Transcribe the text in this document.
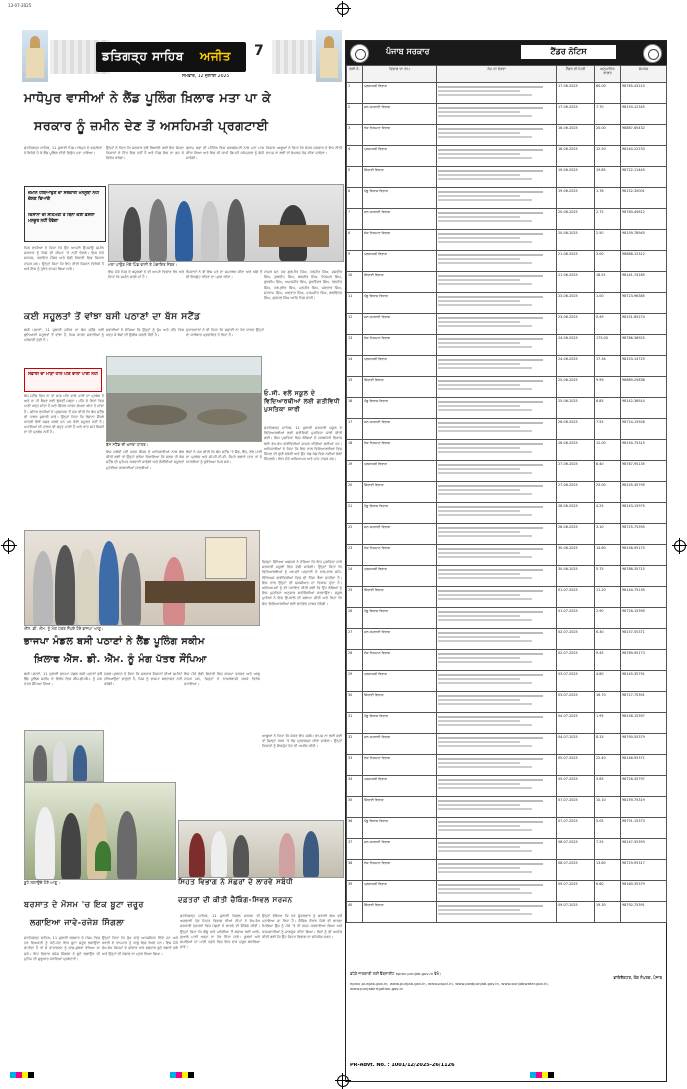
13-07-2025
ਡਤਿਗੜ੍ਹ ਸਾਹਿਬ ਅਜੀਤ 7
ਸੋਮਵਾਰ, 12 ਜੁਲਾਈ 2025
ਮਾਧੋਪੁਰ ਵਾਸੀਆਂ ਨੇ ਲੈਂਡ ਪੂਲਿੰਗ ਖ਼ਿਲਾਫ ਮਤਾ ਪਾ ਕੇ
ਸਰਕਾਰ ਨੂੰ ਜ਼ਮੀਨ ਦੇਣ ਤੋਂ ਅਸਹਿਮਤੀ ਪ੍ਰਗਟਾਈ
ਫ਼ਤਹਿਗੜ੍ਹ ਸਾਹਿਬ, 11 ਜੁਲਾਈ ਪਿੰਡ ਮਾਧੋਪੁਰ ਦੇ ਵਸਨੀਕਾਂ ਨੇ ਇਕੱਠੇ ਹੋ ਕੇ ਲੈਂਡ ਪੂਲਿੰਗ ਨੀਤੀ ਵਿਰੁੱਧ ਮਤਾ ਪਾਇਆ।
ਜ਼ਮੀਨ ਹਥਿਆਉਣ ਦਾ ਸਰਕਾਰੀ ਮਨਸੂਬਾ ਨਹੀਂ ਚੱਲਣ ਦਿਆਂਗੇ
ਕਿਸਾਨਾਂ ਦੀ ਸਹਿਮਤੀ ਤੋਂ ਬਿਨਾਂ ਕੋਈ ਫ਼ੈਸਲਾ ਮਨਜ਼ੂਰ ਨਹੀਂ ਹੋਵੇਗਾ
ਪਿੰਡ ਵਾਸੀਆਂ ਨੇ ਕਿਹਾ ਕਿ ਉਹ ਆਪਣੀ ਉਪਜਾਊ ਜ਼ਮੀਨ ਸਰਕਾਰ ਨੂੰ ਕਿਸੇ ਵੀ ਕੀਮਤ 'ਤੇ ਨਹੀਂ ਦੇਣਗੇ। ਇਸ ਮੌਕੇ ਸਰਪੰਚ, ਪੰਚਾਇਤ ਮੈਂਬਰ ਅਤੇ ਵੱਡੀ ਗਿਣਤੀ ਵਿਚ ਕਿਸਾਨ ਹਾਜ਼ਰ ਸਨ। ਉਨ੍ਹਾਂ ਕਿਹਾ ਕਿ ਇਹ ਨੀਤੀ ਕਿਸਾਨ ਵਿਰੋਧੀ ਹੈ ਅਤੇ ਇਸ ਨੂੰ ਤੁਰੰਤ ਵਾਪਸ ਲਿਆ ਜਾਵੇ।
ਉਨ੍ਹਾਂ ਨੇ ਕਿਹਾ ਕਿ ਸਰਕਾਰ ਵਲੋਂ ਲਿਆਂਦੀ ਗਈ ਇਹ ਯੋਜਨਾ ਕਿਸਾਨਾਂ ਦੇ ਹਿੱਤ ਵਿਚ ਨਹੀਂ ਹੈ ਅਤੇ ਪਿੰਡ ਇਸ ਦਾ ਡਟ ਕੇ ਵਿਰੋਧ ਕਰੇਗਾ।
ਗ੍ਰਾਮ ਸਭਾ ਦੀ ਮੀਟਿੰਗ ਵਿਚ ਸਰਬਸੰਮਤੀ ਨਾਲ ਮਤਾ ਪਾਸ ਕੀਤਾ ਗਿਆ ਅਤੇ ਇਸ ਦੀ ਕਾਪੀ ਡਿਪਟੀ ਕਮਿਸ਼ਨਰ ਨੂੰ ਭੇਜੀ ਜਾਵੇਗੀ।
ਕਿਸਾਨ ਆਗੂਆਂ ਨੇ ਕਿਹਾ ਕਿ ਜੇਕਰ ਸਰਕਾਰ ਨੇ ਇਹ ਨੀਤੀ ਵਾਪਸ ਨਾ ਲਈ ਤਾਂ ਸੰਘਰਸ਼ ਤੇਜ਼ ਕੀਤਾ ਜਾਵੇਗਾ।
ਮਤਾ ਪਾਉਣ ਮੌਕੇ ਪਿੰਡ ਵਾਸੀ ਤੇ ਪੰਚਾਇਤ ਮੈਂਬਰ।
ਇਸ ਮੌਕੇ ਪਿੰਡ ਦੇ ਬਜ਼ੁਰਗਾਂ ਨੇ ਵੀ ਆਪਣੇ ਵਿਚਾਰ ਰੱਖੇ ਅਤੇ ਕਿਹਾ ਕਿ ਜ਼ਮੀਨ ਸਾਡੀ ਮਾਂ ਹੈ।
ਨੌਜਵਾਨਾਂ ਨੇ ਵੀ ਇਸ ਮਤੇ ਦਾ ਸਮਰਥਨ ਕੀਤਾ ਅਤੇ ਅੱਗੇ ਤੋਂ ਵੀ ਇਕਜੁੱਟ ਰਹਿਣ ਦਾ ਪ੍ਰਣ ਕੀਤਾ।
ਹਾਜ਼ਰ ਸਨ ਪੰਚ ਗੁਰਮੀਤ ਸਿੰਘ, ਹਰਜੀਤ ਸਿੰਘ, ਜਸਵੀਰ ਸਿੰਘ, ਕੁਲਦੀਪ ਸਿੰਘ, ਬਲਜੀਤ ਸਿੰਘ, ਨਿਰਮਲ ਸਿੰਘ, ਗੁਰਦੀਪ ਸਿੰਘ, ਅਮਰਜੀਤ ਸਿੰਘ, ਸੁਖਵਿੰਦਰ ਸਿੰਘ, ਰਣਜੀਤ ਸਿੰਘ, ਹਰਪ੍ਰੀਤ ਸਿੰਘ, ਮਨਜੀਤ ਸਿੰਘ, ਜਗਤਾਰ ਸਿੰਘ, ਸਤਨਾਮ ਸਿੰਘ, ਅਵਤਾਰ ਸਿੰਘ, ਪਰਮਜੀਤ ਸਿੰਘ, ਬਲਵਿੰਦਰ ਸਿੰਘ, ਗੁਰਮੇਲ ਸਿੰਘ ਆਦਿ ਪਿੰਡ ਵਾਸੀ।
ਕਈ ਸਹੂਲਤਾਂ ਤੋਂ ਵਾਂਝਾ ਬਸੀ ਪਠਾਣਾਂ ਦਾ ਬੱਸ ਸਟੈਂਡ
ਬਸੀ ਪਠਾਣਾਂ, 11 ਜੁਲਾਈ ਸ਼ਹਿਰ ਦਾ ਬੱਸ ਸਟੈਂਡ ਕਈ ਬੁਨਿਆਦੀ ਸਹੂਲਤਾਂ ਤੋਂ ਵਾਂਝਾ ਹੈ, ਜਿਸ ਕਾਰਨ ਸਵਾਰੀਆਂ ਨੂੰ ਪਰੇਸ਼ਾਨੀ ਹੁੰਦੀ ਹੈ।
ਸਫ਼ਾਈ ਦਾ ਮਾੜਾ ਹਾਲ ਪੀਣ ਵਾਲਾ ਪਾਣੀ ਨਹੀਂ
ਬੱਸ ਸਟੈਂਡ ਵਿਚ ਨਾ ਤਾਂ ਸਾਫ਼ ਪੀਣ ਵਾਲੇ ਪਾਣੀ ਦਾ ਪ੍ਰਬੰਧ ਹੈ ਅਤੇ ਨਾ ਹੀ ਬੈਠਣ ਲਈ ਢੁੱਕਵੀਂ ਜਗ੍ਹਾ। ਮੀਂਹ ਦੇ ਦਿਨਾਂ ਵਿਚ ਪਾਣੀ ਖੜ੍ਹ ਜਾਂਦਾ ਹੈ ਅਤੇ ਚਿੱਕੜ ਕਾਰਨ ਲੰਘਣਾ ਔਖਾ ਹੋ ਜਾਂਦਾ ਹੈ। ਸ਼ਹਿਰ ਵਾਸੀਆਂ ਨੇ ਪ੍ਰਸ਼ਾਸਨ ਤੋਂ ਮੰਗ ਕੀਤੀ ਕਿ ਬੱਸ ਸਟੈਂਡ ਦੀ ਹਾਲਤ ਸੁਧਾਰੀ ਜਾਵੇ। ਉਨ੍ਹਾਂ ਕਿਹਾ ਕਿ ਰੋਜ਼ਾਨਾ ਸੈਂਕੜੇ ਯਾਤਰੀ ਇਥੋਂ ਸਫ਼ਰ ਕਰਦੇ ਹਨ ਪਰ ਕੋਈ ਸਹੂਲਤ ਨਹੀਂ ਹੈ। ਪਖਾਨਿਆਂ ਦੀ ਹਾਲਤ ਵੀ ਬਹੁਤ ਮਾੜੀ ਹੈ ਅਤੇ ਰਾਤ ਸਮੇਂ ਰੌਸ਼ਨੀ ਦਾ ਵੀ ਪ੍ਰਬੰਧ ਨਹੀਂ ਹੈ।
ਸਵਾਰੀਆਂ ਨੇ ਦੱਸਿਆ ਕਿ ਉਨ੍ਹਾਂ ਨੂੰ ਧੁੱਪ ਅਤੇ ਮੀਂਹ ਵਿਚ ਖੜ੍ਹ ਕੇ ਬੱਸਾਂ ਦੀ ਉਡੀਕ ਕਰਨੀ ਪੈਂਦੀ ਹੈ।
ਦੁਕਾਨਦਾਰਾਂ ਨੇ ਵੀ ਕਿਹਾ ਕਿ ਸਫ਼ਾਈ ਨਾ ਹੋਣ ਕਾਰਨ ਉਨ੍ਹਾਂ ਦਾ ਕਾਰੋਬਾਰ ਪ੍ਰਭਾਵਿਤ ਹੋ ਰਿਹਾ ਹੈ।
ਬੱਸ ਸਟੈਂਡ ਦੀ ਖ਼ਸਤਾ ਹਾਲਤ।
ਇਸ ਸਬੰਧੀ ਜਦੋਂ ਨਗਰ ਕੌਂਸਲ ਦੇ ਅਧਿਕਾਰੀਆਂ ਨਾਲ ਗੱਲ ਕੀਤੀ ਗਈ ਤਾਂ ਉਨ੍ਹਾਂ ਭਰੋਸਾ ਦਿਵਾਇਆ ਕਿ ਜਲਦ ਹੀ ਬੱਸ ਸਟੈਂਡ ਦੀ ਮੁਰੰਮਤ ਕਰਵਾਈ ਜਾਵੇਗੀ ਅਤੇ ਲੋੜੀਂਦੀਆਂ ਸਹੂਲਤਾਂ ਮੁਹੱਈਆ ਕਰਵਾਈਆਂ ਜਾਣਗੀਆਂ।
ਲੋਕਾਂ ਨੇ ਮੰਗ ਕੀਤੀ ਕਿ ਬੱਸ ਸਟੈਂਡ 'ਤੇ ਸ਼ੈੱਡ, ਬੈਂਚ, ਠੰਢੇ ਪਾਣੀ ਦਾ ਪ੍ਰਬੰਧ ਅਤੇ ਸੀ.ਸੀ.ਟੀ.ਵੀ. ਕੈਮਰੇ ਲਗਾਏ ਜਾਣ ਤਾਂ ਜੋ ਯਾਤਰੀਆਂ ਨੂੰ ਸੁਰੱਖਿਆ ਮਿਲ ਸਕੇ।
ਓ.ਸੀ. ਵਲੋਂ ਸਕੂਲ ਦੇ ਵਿਦਿਆਰਥੀਆਂ ਲਈ ਗਤੀਵਿਧੀ ਪੁਸਤਿਕਾ ਜਾਰੀ
ਫ਼ਤਹਿਗੜ੍ਹ ਸਾਹਿਬ, 11 ਜੁਲਾਈ ਸਰਕਾਰੀ ਸਕੂਲ ਦੇ ਵਿਦਿਆਰਥੀਆਂ ਲਈ ਗਤੀਵਿਧੀ ਪੁਸਤਿਕਾ ਜਾਰੀ ਕੀਤੀ ਗਈ। ਇਸ ਪੁਸਤਿਕਾ ਵਿਚ ਬੱਚਿਆਂ ਦੇ ਸਰਬਪੱਖੀ ਵਿਕਾਸ ਲਈ ਵੱਖ-ਵੱਖ ਗਤੀਵਿਧੀਆਂ ਸ਼ਾਮਲ ਕੀਤੀਆਂ ਗਈਆਂ ਹਨ। ਅਧਿਕਾਰੀਆਂ ਨੇ ਕਿਹਾ ਕਿ ਇਸ ਨਾਲ ਵਿਦਿਆਰਥੀਆਂ ਵਿਚ ਸਿੱਖਣ ਦੀ ਰੁਚੀ ਵਧੇਗੀ ਅਤੇ ਉਹ ਖੇਡ-ਖੇਡ ਵਿਚ ਨਵੀਆਂ ਗੱਲਾਂ ਸਿੱਖਣਗੇ। ਇਸ ਮੌਕੇ ਅਧਿਆਪਕ ਅਤੇ ਮਾਪੇ ਹਾਜ਼ਰ ਸਨ।
ਐੱਸ. ਡੀ. ਐੱਮ. ਨੂੰ ਮੰਗ ਪੱਤਰ ਸੌਂਪਦੇ ਹੋਏ ਭਾਜਪਾ ਆਗੂ।
ਜ਼ਿਲ੍ਹਾ ਸਿੱਖਿਆ ਅਫ਼ਸਰ ਨੇ ਦੱਸਿਆ ਕਿ ਇਹ ਪੁਸਤਿਕਾ ਸਾਰੇ ਸਰਕਾਰੀ ਸਕੂਲਾਂ ਵਿਚ ਵੰਡੀ ਜਾਵੇਗੀ। ਉਨ੍ਹਾਂ ਕਿਹਾ ਕਿ ਵਿਦਿਆਰਥੀਆਂ ਨੂੰ ਆਪਣੀ ਪੜ੍ਹਾਈ ਦੇ ਨਾਲ-ਨਾਲ ਸਹਿ-ਵਿੱਦਿਅਕ ਗਤੀਵਿਧੀਆਂ ਵਿਚ ਵੀ ਹਿੱਸਾ ਲੈਣਾ ਚਾਹੀਦਾ ਹੈ। ਇਸ ਨਾਲ ਉਨ੍ਹਾਂ ਦੀ ਸ਼ਖ਼ਸੀਅਤ ਦਾ ਵਿਕਾਸ ਹੁੰਦਾ ਹੈ। ਅਧਿਆਪਕਾਂ ਨੂੰ ਵੀ ਹਦਾਇਤ ਕੀਤੀ ਗਈ ਕਿ ਉਹ ਬੱਚਿਆਂ ਨੂੰ ਇਸ ਪੁਸਤਿਕਾ ਅਨੁਸਾਰ ਗਤੀਵਿਧੀਆਂ ਕਰਵਾਉਣ। ਸਕੂਲ ਮੁਖੀਆਂ ਨੇ ਇਸ ਉਪਰਾਲੇ ਦੀ ਸ਼ਲਾਘਾ ਕੀਤੀ ਅਤੇ ਕਿਹਾ ਕਿ ਇਹ ਵਿਦਿਆਰਥੀਆਂ ਲਈ ਲਾਹੇਵੰਦ ਸਾਬਤ ਹੋਵੇਗੀ।
ਭਾਜਪਾ ਮੰਡਲ ਬਸੀ ਪਠਾਣਾਂ ਨੇ ਲੈਂਡ ਪੂਲਿੰਗ ਸਕੀਮ
ਖ਼ਿਲਾਫ ਐੱਸ. ਡੀ. ਐੱਮ. ਨੂੰ ਮੰਗ ਪੱਤਰ ਸੌਂਪਿਆ
ਬਸੀ ਪਠਾਣਾਂ, 11 ਜੁਲਾਈ ਭਾਜਪਾ ਮੰਡਲ ਬਸੀ ਪਠਾਣਾਂ ਵਲੋਂ ਲੈਂਡ ਪੂਲਿੰਗ ਸਕੀਮ ਦੇ ਵਿਰੋਧ ਵਿਚ ਐੱਸ.ਡੀ.ਐੱਮ. ਨੂੰ ਮੰਗ ਪੱਤਰ ਸੌਂਪਿਆ ਗਿਆ।
ਮੰਡਲ ਪ੍ਰਧਾਨ ਨੇ ਕਿਹਾ ਕਿ ਸਰਕਾਰ ਕਿਸਾਨਾਂ ਦੀਆਂ ਜ਼ਮੀਨਾਂ ਹਥਿਆਉਣਾ ਚਾਹੁੰਦੀ ਹੈ, ਜਿਸ ਨੂੰ ਭਾਜਪਾ ਬਰਦਾਸ਼ਤ ਨਹੀਂ ਕਰੇਗੀ।
ਇਸ ਮੌਕੇ ਵੱਡੀ ਗਿਣਤੀ ਵਿਚ ਭਾਜਪਾ ਵਰਕਰ ਅਤੇ ਆਗੂ ਹਾਜ਼ਰ ਸਨ, ਜਿਨ੍ਹਾਂ ਨੇ ਨਾਅਰੇਬਾਜ਼ੀ ਕਰਕੇ ਵਿਰੋਧ ਜਤਾਇਆ।
ਆਗੂਆਂ ਨੇ ਕਿਹਾ ਕਿ ਜੇਕਰ ਇਹ ਸਕੀਮ ਵਾਪਸ ਨਾ ਲਈ ਗਈ ਤਾਂ ਜ਼ਿਲ੍ਹਾ ਪੱਧਰ 'ਤੇ ਰੋਸ ਪ੍ਰਦਰਸ਼ਨ ਕੀਤਾ ਜਾਵੇਗਾ। ਉਨ੍ਹਾਂ ਕਿਸਾਨਾਂ ਨੂੰ ਇਕਜੁੱਟ ਹੋਣ ਦੀ ਅਪੀਲ ਕੀਤੀ।
ਬੂਟੇ ਲਗਾਉਂਦੇ ਹੋਏ ਆਗੂ।	ਸਿਹਤ ਵਿਭਾਗ ਨੇ ਮੱਛਰਾਂ ਦੇ ਲਾਰਵੇ ਸਬੰਧੀ
ਦਫ਼ਤਰਾਂ ਦੀ ਕੀਤੀ ਚੈਕਿੰਗ-ਸਿਵਲ ਸਰਜਨ
ਬਰਸਾਤ ਦੇ ਮੌਸਮ 'ਚ ਇਕ ਬੂਟਾ ਜ਼ਰੂਰ
ਲਗਾਇਆ ਜਾਵੇ-ਰਜੇਸ਼ ਸਿੰਗਲਾ
ਫ਼ਤਹਿਗੜ੍ਹ ਸਾਹਿਬ, 11 ਜੁਲਾਈ ਬਰਸਾਤ ਦੇ ਮੌਸਮ ਵਿਚ ਹਰ ਵਿਅਕਤੀ ਨੂੰ ਘੱਟੋ-ਘੱਟ ਇਕ ਬੂਟਾ ਜ਼ਰੂਰ ਲਗਾਉਣਾ ਚਾਹੀਦਾ ਹੈ ਤਾਂ ਜੋ ਵਾਤਾਵਰਨ ਨੂੰ ਸਾਫ਼-ਸੁਥਰਾ ਰੱਖਿਆ ਜਾ ਸਕੇ। ਇਹ ਵਿਚਾਰ ਰਜੇਸ਼ ਸਿੰਗਲਾ ਨੇ ਬੂਟੇ ਲਗਾਉਣ ਦੀ ਮੁਹਿੰਮ ਦੀ ਸ਼ੁਰੂਆਤ ਕਰਦਿਆਂ ਪ੍ਰਗਟਾਏ।
ਉਨ੍ਹਾਂ ਕਿਹਾ ਕਿ ਰੁੱਖ ਸਾਨੂੰ ਆਕਸੀਜਨ ਦਿੰਦੇ ਹਨ ਅਤੇ ਧਰਤੀ ਦੇ ਤਾਪਮਾਨ ਨੂੰ ਕਾਬੂ ਵਿਚ ਰੱਖਦੇ ਹਨ। ਇਸ ਮੌਕੇ ਵੱਖ-ਵੱਖ ਕਿਸਮਾਂ ਦੇ ਛਾਂਦਾਰ ਅਤੇ ਫਲਦਾਰ ਬੂਟੇ ਲਗਾਏ ਗਏ ਅਤੇ ਉਨ੍ਹਾਂ ਦੀ ਸੰਭਾਲ ਦਾ ਪ੍ਰਣ ਲਿਆ ਗਿਆ।
ਫ਼ਤਹਿਗੜ੍ਹ ਸਾਹਿਬ, 11 ਜੁਲਾਈ ਸਿਵਲ ਸਰਜਨ ਦੀ ਅਗਵਾਈ ਹੇਠ ਸਿਹਤ ਵਿਭਾਗ ਦੀਆਂ ਟੀਮਾਂ ਨੇ ਵੱਖ-ਵੱਖ ਸਰਕਾਰੀ ਦਫ਼ਤਰਾਂ ਵਿਚ ਮੱਛਰਾਂ ਦੇ ਲਾਰਵੇ ਦੀ ਚੈਕਿੰਗ ਕੀਤੀ। ਉਨ੍ਹਾਂ ਕਿਹਾ ਕਿ ਡੇਂਗੂ ਅਤੇ ਮਲੇਰੀਆ ਤੋਂ ਬਚਾਅ ਲਈ ਆਲੇ-ਦੁਆਲੇ ਪਾਣੀ ਖੜ੍ਹਾ ਨਾ ਹੋਣ ਦਿੱਤਾ ਜਾਵੇ। ਕੂਲਰਾਂ ਅਤੇ ਗਮਲਿਆਂ ਦਾ ਪਾਣੀ ਹਫ਼ਤੇ ਵਿਚ ਇਕ ਵਾਰ ਜ਼ਰੂਰ ਬਦਲਿਆ ਜਾਵੇ।
ਉਨ੍ਹਾਂ ਦੱਸਿਆ ਕਿ ਹਰ ਸ਼ੁੱਕਰਵਾਰ ਨੂੰ ਡਰਾਈ ਡੇਅ ਵਜੋਂ ਮਨਾਇਆ ਜਾ ਰਿਹਾ ਹੈ। ਚੈਕਿੰਗ ਦੌਰਾਨ ਜਿਥੇ ਵੀ ਲਾਰਵਾ ਮਿਲਿਆ ਉਸ ਨੂੰ ਮੌਕੇ 'ਤੇ ਹੀ ਨਸ਼ਟ ਕਰਵਾਇਆ ਗਿਆ ਅਤੇ ਕਰਮਚਾਰੀਆਂ ਨੂੰ ਜਾਗਰੂਕ ਕੀਤਾ ਗਿਆ। ਲੋਕਾਂ ਨੂੰ ਵੀ ਅਪੀਲ ਕੀਤੀ ਗਈ ਕਿ ਉਹ ਸਿਹਤ ਵਿਭਾਗ ਦਾ ਸਹਿਯੋਗ ਕਰਨ।
ਪੰਜਾਬ ਸਰਕਾਰ	ਟੈਂਡਰ ਨੋਟਿਸ
ਲੜੀ ਨੰ.	ਵਿਭਾਗ ਦਾ ਨਾਮ	ਕੰਮ ਦਾ ਵੇਰਵਾ	ਟੈਂਡਰ ਦੀ ਮਿਤੀ	ਅਨੁਮਾਨਿਤ ਲਾਗਤ	ਸੰਪਰਕ
1	ਪ੍ਰਸ਼ਾਸਕੀ ਵਿਭਾਗ		17-06-2025	60.00	98765-43210
2	ਜਲ ਸਪਲਾਈ ਵਿਭਾਗ		17-06-2025	7.70	98150-12345
3	ਲੋਕ ਨਿਰਮਾਣ ਵਿਭਾਗ		18-06-2025	20.00	98887-65432
4	ਪ੍ਰਸ਼ਾਸਕੀ ਵਿਭਾਗ		18-06-2025	12.50	98140-22233
5	ਸਿੰਚਾਈ ਵਿਭਾਗ		19-06-2025	19.85	98722-11445
6	ਪੇਂਡੂ ਵਿਕਾਸ ਵਿਭਾਗ		19-06-2025	1.78	98152-30001
7	ਜਲ ਸਪਲਾਈ ਵਿਭਾਗ		20-06-2025	2.75	98780-45612
8	ਲੋਕ ਨਿਰਮਾਣ ਵਿਭਾਗ		20-06-2025	2.50	98159-78945
9	ਪ੍ਰਸ਼ਾਸਕੀ ਵਿਭਾਗ		21-06-2025	3.00	98888-12312
10	ਸਿੰਚਾਈ ਵਿਭਾਗ		21-06-2025	18.51	98141-74185
11	ਪੇਂਡੂ ਵਿਕਾਸ ਵਿਭਾਗ		23-06-2025	1.00	98723-96385
12	ਜਲ ਸਪਲਾਈ ਵਿਭਾਗ		23-06-2025	0.49	98151-85274
13	ਲੋਕ ਨਿਰਮਾਣ ਵਿਭਾਗ		24-06-2025	175.00	98786-36925
14	ਪ੍ਰਸ਼ਾਸਕੀ ਵਿਭਾਗ		24-06-2025	17.34	98153-14725
15	ਸਿੰਚਾਈ ਵਿਭਾਗ		25-06-2025	9.99	98889-25836
16	ਪੇਂਡੂ ਵਿਕਾਸ ਵਿਭਾਗ		25-06-2025	6.85	98142-36914
17	ਜਲ ਸਪਲਾਈ ਵਿਭਾਗ		26-06-2025	7.55	98724-15926
18	ਲੋਕ ਨਿਰਮਾਣ ਵਿਭਾਗ		26-06-2025	12.00	98154-75315
19	ਪ੍ਰਸ਼ਾਸਕੀ ਵਿਭਾਗ		27-06-2025	8.40	98787-95135
20	ਸਿੰਚਾਈ ਵਿਭਾਗ		27-06-2025	25.00	98155-35795
21	ਪੇਂਡੂ ਵਿਕਾਸ ਵਿਭਾਗ		28-06-2025	4.25	98143-15975
22	ਜਲ ਸਪਲਾਈ ਵਿਭਾਗ		28-06-2025	3.10	98725-75395
23	ਲੋਕ ਨਿਰਮਾਣ ਵਿਭਾਗ		30-06-2025	14.60	98156-95175
24	ਪ੍ਰਸ਼ਾਸਕੀ ਵਿਭਾਗ		30-06-2025	5.75	98788-35715
25	ਸਿੰਚਾਈ ਵਿਭਾਗ		01-07-2025	11.20	98144-75135
26	ਪੇਂਡੂ ਵਿਕਾਸ ਵਿਭਾਗ		01-07-2025	2.90	98726-15395
27	ਜਲ ਸਪਲਾਈ ਵਿਭਾਗ		02-07-2025	6.30	98157-55371
28	ਲੋਕ ਨਿਰਮਾਣ ਵਿਭਾਗ		02-07-2025	9.45	98789-95173
29	ਪ੍ਰਸ਼ਾਸਕੀ ਵਿਭਾਗ		03-07-2025	4.80	98145-35791
30	ਸਿੰਚਾਈ ਵਿਭਾਗ		03-07-2025	16.70	98727-75391
31	ਪੇਂਡੂ ਵਿਕਾਸ ਵਿਭਾਗ		04-07-2025	1.95	98158-15397
32	ਜਲ ਸਪਲਾਈ ਵਿਭਾਗ		04-07-2025	8.15	98790-55379
33	ਲੋਕ ਨਿਰਮਾਣ ਵਿਭਾਗ		05-07-2025	22.40	98146-95371
34	ਪ੍ਰਸ਼ਾਸਕੀ ਵਿਭਾਗ		05-07-2025	3.65	98728-35797
35	ਸਿੰਚਾਈ ਵਿਭਾਗ		07-07-2025	10.10	98159-75319
36	ਪੇਂਡੂ ਵਿਕਾਸ ਵਿਭਾਗ		07-07-2025	5.05	98791-15373
37	ਜਲ ਸਪਲਾਈ ਵਿਭਾਗ		08-07-2025	7.25	98147-55393
38	ਲੋਕ ਨਿਰਮਾਣ ਵਿਭਾਗ		08-07-2025	13.80	98729-95317
39	ਪ੍ਰਸ਼ਾਸਕੀ ਵਿਭਾਗ		09-07-2025	6.60	98160-35379
40	ਸਿੰਚਾਈ ਵਿਭਾਗ		09-07-2025	19.30	98792-75391
ਵਧੇਰੇ ਜਾਣਕਾਰੀ ਲਈ ਵੈੱਬਸਾਈਟ eproc.punjab.gov.in ਵੇਖੋ।
eproc.punjab.gov.in, www.punjab.gov.in, www.pspcl.in, www.pwdpunjab.gov.in, www.punjabwater.gov.in, www.punjabirrigation.gov.in
PR-Advt. No. : 1001/12/2025-26/1126
ਡਾਇਰੈਕਟਰ, ਲੋਕ ਸੰਪਰਕ, ਪੰਜਾਬ
